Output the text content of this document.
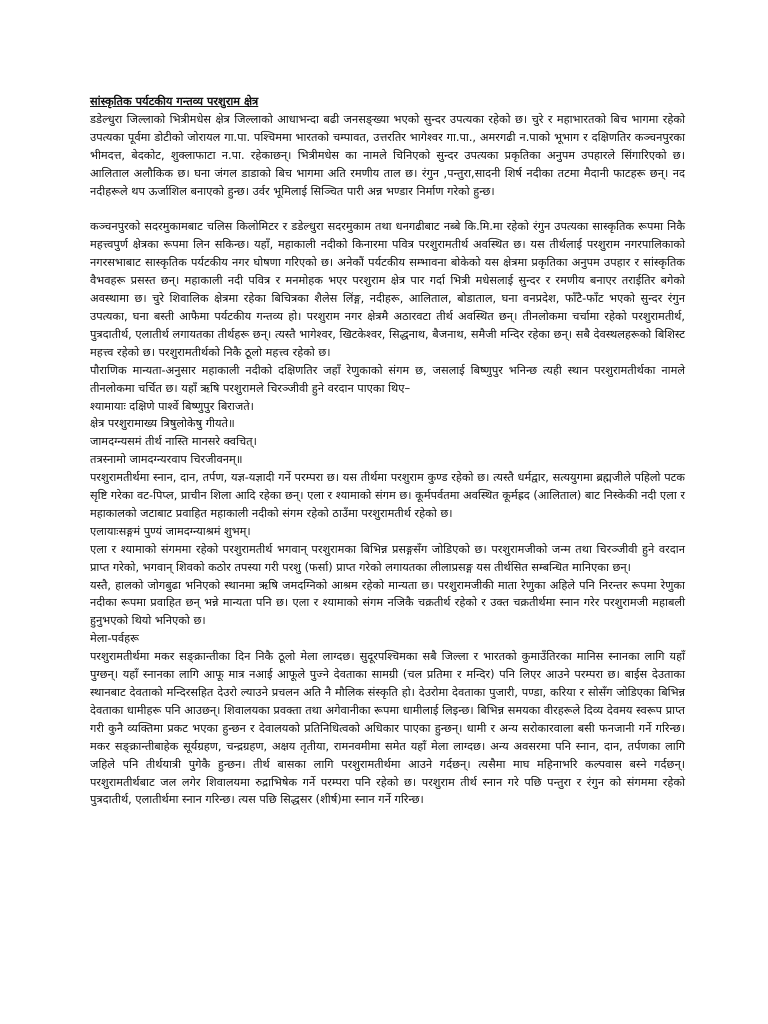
सांस्कृतिक पर्यटकीय गन्तव्य परशुराम क्षेत्र

डडेल्धुरा जिल्लाको भित्रीमधेस क्षेत्र जिल्लाको आधाभन्दा बढी जनसङ्ख्या भएको सुन्दर उपत्यका रहेको छ। चुरे र महाभारतको बिच भागमा रहेको उपत्यका पूर्वमा डोटीको जोरायल गा.पा. पश्चिममा भारतको चम्पावत, उत्तरतिर भागेश्वर गा.पा., अमरगढी न.पाको भूभाग र दक्षिणतिर कञ्चनपुरका भीमदत्त, बेदकोट, शुक्लाफाटा न.पा. रहेकाछन्। भित्रीमधेस का नामले चिनिएको सुन्दर उपत्यका प्रकृतिका अनुपम उपहारले सिंगारिएको छ। आलिताल अलौकिक छ। घना जंगल डाडाको बिच भागमा अति रमणीय ताल छ। रंगुन ,पन्तुरा,सादनी शिर्ष नदीका तटमा मैदानी फाटहरू छन्। नद नदीहरूले थप ऊर्जाशिल बनाएको हुन्छ। उर्वर भूमिलाई सिञ्चित पारी अन्न भण्डार निर्माण गरेको हुन्छ।

कञ्चनपुरको सदरमुकामबाट चलिस किलोमिटर र डडेल्धुरा सदरमुकाम तथा धनगढीबाट नब्बे कि.मि.मा रहेको रंगुन उपत्यका सास्कृतिक रूपमा निकै महत्त्वपुर्ण क्षेत्रका रूपमा लिन सकिन्छ। यहाँ, महाकाली नदीको किनारमा पवित्र परशुरामतीर्थ अवस्थित छ। यस तीर्थलाई परशुराम नगरपालिकाको नगरसभाबाट सास्कृतिक पर्यटकीय नगर घोषणा गरिएको छ। अनेकौं पर्यटकीय सम्भावना बोकेको यस क्षेत्रमा प्रकृतिका अनुपम उपहार र सांस्कृतिक वैभवहरू प्रसस्त छन्। महाकाली नदी पवित्र र मनमोहक भएर परशुराम क्षेत्र पार गर्दा भित्री मधेसलाई सुन्दर र रमणीय बनाएर तराईतिर बगेको अवस्थामा छ। चुरे शिवालिक क्षेत्रमा रहेका बिचित्रका शैलेस लिंङ्ग, नदीहरू, आलिताल, बोडाताल, घना वनप्रदेश, फाँटै-फाँट भएको सुन्दर रंगुन उपत्यका, घना बस्ती आफैमा पर्यटकीय गन्तव्य हो। परशुराम नगर क्षेत्रमै अठारवटा तीर्थ अवस्थित छन्। तीनलोकमा चर्चामा रहेको परशुरामतीर्थ, पुत्रदातीर्थ, एलातीर्थ लगायतका तीर्थहरू छन्। त्यस्तै भागेश्वर, खिटकेश्वर, सिद्धनाथ, बैजनाथ, समैजी मन्दिर रहेका छन्। सबै देवस्थलहरूको बिशिस्ट महत्त्व रहेको छ। परशुरामतीर्थको निकै ठूलो महत्त्व रहेको छ।

पौराणिक मान्यता-अनुसार महाकाली नदीको दक्षिणतिर जहाँ रेणुकाको संगम छ, जसलाई बिष्णुपुर भनिन्छ त्यही स्थान परशुरामतीर्थका नामले तीनलोकमा चर्चित छ। यहाँ ऋषि परशुरामले चिरञ्जीवी हुने वरदान पाएका थिए–

श्यामायाः दक्षिणे पार्श्वे बिष्णुपुर बिराजते।

क्षेत्र परशुरामाख्य त्रिषुलोकेषु गीयते॥

जामदग्न्यसमं तीर्थ नास्ति मानसरे क्वचित्।

तत्रस्नामो जामदग्न्यरवाप चिरजीवनम्॥

परशुरामतीर्थमा स्नान, दान, तर्पण, यज्ञ-यज्ञादी गर्ने परम्परा छ। यस तीर्थमा परशुराम कुण्ड रहेको छ। त्यस्तै धर्मद्वार, सत्ययुगमा ब्रह्मजीले पहिलो पटक सृष्टि गरेका वट-पिप्ल, प्राचीन शिला आदि रहेका छन्। एला र श्यामाको संगम छ। कूर्मपर्वतमा अवस्थित कूर्मह्रद (आलिताल) बाट निस्केकी नदी एला र महाकालको जटाबाट प्रवाहित महाकाली नदीको संगम रहेको ठाउँमा परशुरामतीर्थ रहेको छ।

एलायाःसङ्गमं पुण्यं जामदग्न्याश्रमं शुभम्।

एला र श्यामाको संगममा रहेको परशुरामतीर्थ भगवान् परशुरामका बिभिन्न प्रसङ्गसँग जोडिएको छ। परशुरामजीको जन्म तथा चिरञ्जीवी हुने वरदान प्राप्त गरेको, भगवान् शिवको कठोर तपस्या गरी परशु (फर्सा) प्राप्त गरेको लगायतका लीलाप्रसङ्ग यस तीर्थसित सम्बन्धित मानिएका छन्।

यस्तै, हालको जोगबुढा भनिएको स्थानमा ऋषि जमदग्निको आश्रम रहेको मान्यता छ। परशुरामजीकी माता रेणुका अहिले पनि निरन्तर रूपमा रेणुका नदीका रूपमा प्रवाहित छन् भन्ने मान्यता पनि छ। एला र श्यामाको संगम नजिकै चक्रतीर्थ रहेको र उक्त चक्रतीर्थमा स्नान गरेर परशुरामजी महाबली हुनुभएको थियो भनिएको छ।

मेला-पर्वहरू

परशुरामतीर्थमा मकर सङ्क्रान्तीका दिन निकै ठूलो मेला लाग्दछ। सुदूरपश्चिमका सबै जिल्ला र भारतको कुमाउँतिरका मानिस स्नानका लागि यहाँ पुग्छन्। यहाँ स्नानका लागि आफू मात्र नआई आफूले पुज्ने देवताका सामग्री (चल प्रतिमा र मन्दिर) पनि लिएर आउने परम्परा छ। बाईस देउताका स्थानबाट देवताको मन्दिरसहित देउरो ल्याउने प्रचलन अति नै मौलिक संस्कृति हो। देउरोमा देवताका पुजारी, पण्डा, करिया र सोसँग जोडिएका बिभिन्न देवताका धामीहरू पनि आउछन्। शिवालयका प्रवक्ता तथा अगेवानीका रूपमा धामीलाई लिइन्छ। बिभिन्न समयका वीरहरूले दिव्य देवमय स्वरूप प्राप्त गरी कुनै व्यक्तिमा प्रकट भएका हुन्छन र देवालयको प्रतिनिधित्वको अधिकार पाएका हुन्छन्। धामी र अन्य सरोकारवाला बसी फनजानी गर्ने गरिन्छ। मकर सङ्क्रान्तीबाहेक सूर्यग्रहण, चन्द्रग्रहण, अक्षय तृतीया, रामनवमीमा समेत यहाँ मेला लाग्दछ। अन्य अवसरमा पनि स्नान, दान, तर्पणका लागि जहिले पनि तीर्थयात्री पुगेकै हुन्छन। तीर्थ बासका लागि परशुरामतीर्थमा आउने गर्दछन्। त्यसैमा माघ महिनाभरि कल्पवास बस्ने गर्दछन्। परशुरामतीर्थबाट जल लगेर शिवालयमा रुद्राभिषेक गर्ने परम्परा पनि रहेको छ। परशुराम तीर्थ स्नान गरे पछि पन्तुरा र रंगुन को संगममा रहेको पुत्रदातीर्थ, एलातीर्थमा स्नान गरिन्छ। त्यस पछि सिद्धसर (शीर्ष)मा स्नान गर्ने गरिन्छ।
